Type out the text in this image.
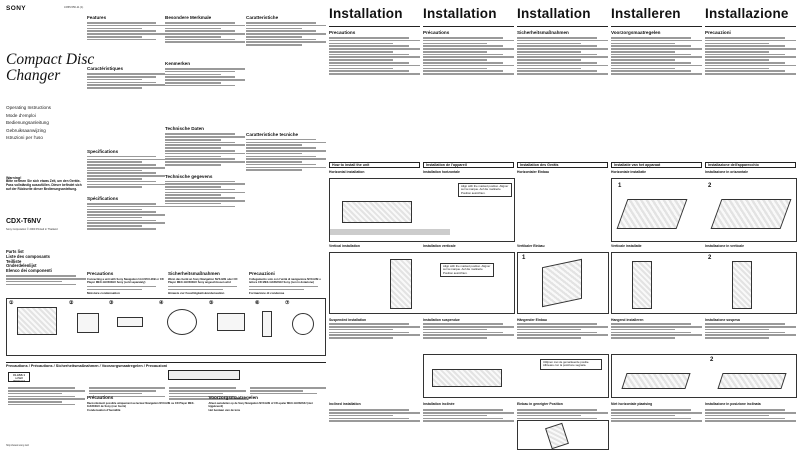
SONY	3-865-556-11 (1)
Compact Disc
Changer
Operating Instructions
Mode d'emploi
Bedienungsanleitung
Gebruiksaanwijzing
Istruzioni per l'uso
Warning!
Bitte nehmen Sie sich etwas Zeit, um den Geräte-Pass vollständig auszufüllen. Dieser befindet sich auf der Rückseite dieser Bedienungsanleitung.
CDX-T6NV
Sony Corporation © 2000 Printed in Thailand
Parts list
Liste des composants
Teilliste
Onderdelenlijst
Elenco dei componenti
①	②	③	④	⑤	⑥	⑦
Precautions / Précautions / Sicherheitsmaßnahmen / Voorzorgsmaatregelen / Precauzioni
CLASS 1
LASER PRODUCT
http://www.sony.net/
Features
Caractéristiques
Specifications
Spécifications
Besondere Merkmale
Kenmerken
Technische Daten
Technische gegevens
Caratteristiche
Caratteristiche tecniche
Precautions
Connecting a unit with Sony Navigation Unit NVX-I2/B or CD Player MEX-1HUD/2HU Sony (sold separately)
Moisture condensation
Sicherheitsmaßnahmen
Wenn das Gerät an Sony Navigation NVX-I2/B oder CD Player MEX-1HUD/2HU Sony angeschlossen wird
Hinweis zur Feuchtigkeitskondensation
Precauzioni
Collegamento solo con l'unità di navigazione NVX-I2/B o lettore CD MEX-1HUD/2HU Sony (non in dotazione)
Formazione di condensa
Précautions
Raccordement possible uniquement au lecteur Navigation NVX-I2/B ou CD Player MEX-1HUD/2HU de Sony (non fourni)
Condensation d'humidité
Voorzorgsmaatregelen
Alleen aansluiten op de Sony Navigation NVX-I2/B of CD-speler MEX-1HUD/2HU (niet bijgeleverd)
Het beslaan van de lens
Installation	Installation	Installation	Installeren	Installazione
Precautions	Précautions	Sicherheitsmaßnahmen	Voorzorgsmaatregelen	Precauzioni
How to install the unit	Installation de l'appareil	Installation des Geräts	Installatie van het apparaat	Installazione dell'apparecchio
Horizontal installation	Installation horizontale	Horizontaler Einbau	Horizontale installatie	Installazione in orizzontale
Align with the marked position. Aligner sur la marque. Auf die markierte Position ausrichten.
1	2
Vertical installation	Installation verticale	Vertikaler Einbau	Verticale installatie	Installazione in verticale
Align with the marked position. Aligner sur la marque. Auf die markierte Position ausrichten.
1	2
Suspended installation	Installation suspendue	Hängender Einbau	Hangend installeren	Installazione sospesa
Uitlijnen met de gemarkeerde positie. Allineare con la posizione segnata.
2
Inclined installation	Installation inclinée	Einbau in geneigter Position	Niet horizontale plaatsing	Installazione in posizione inclinata
